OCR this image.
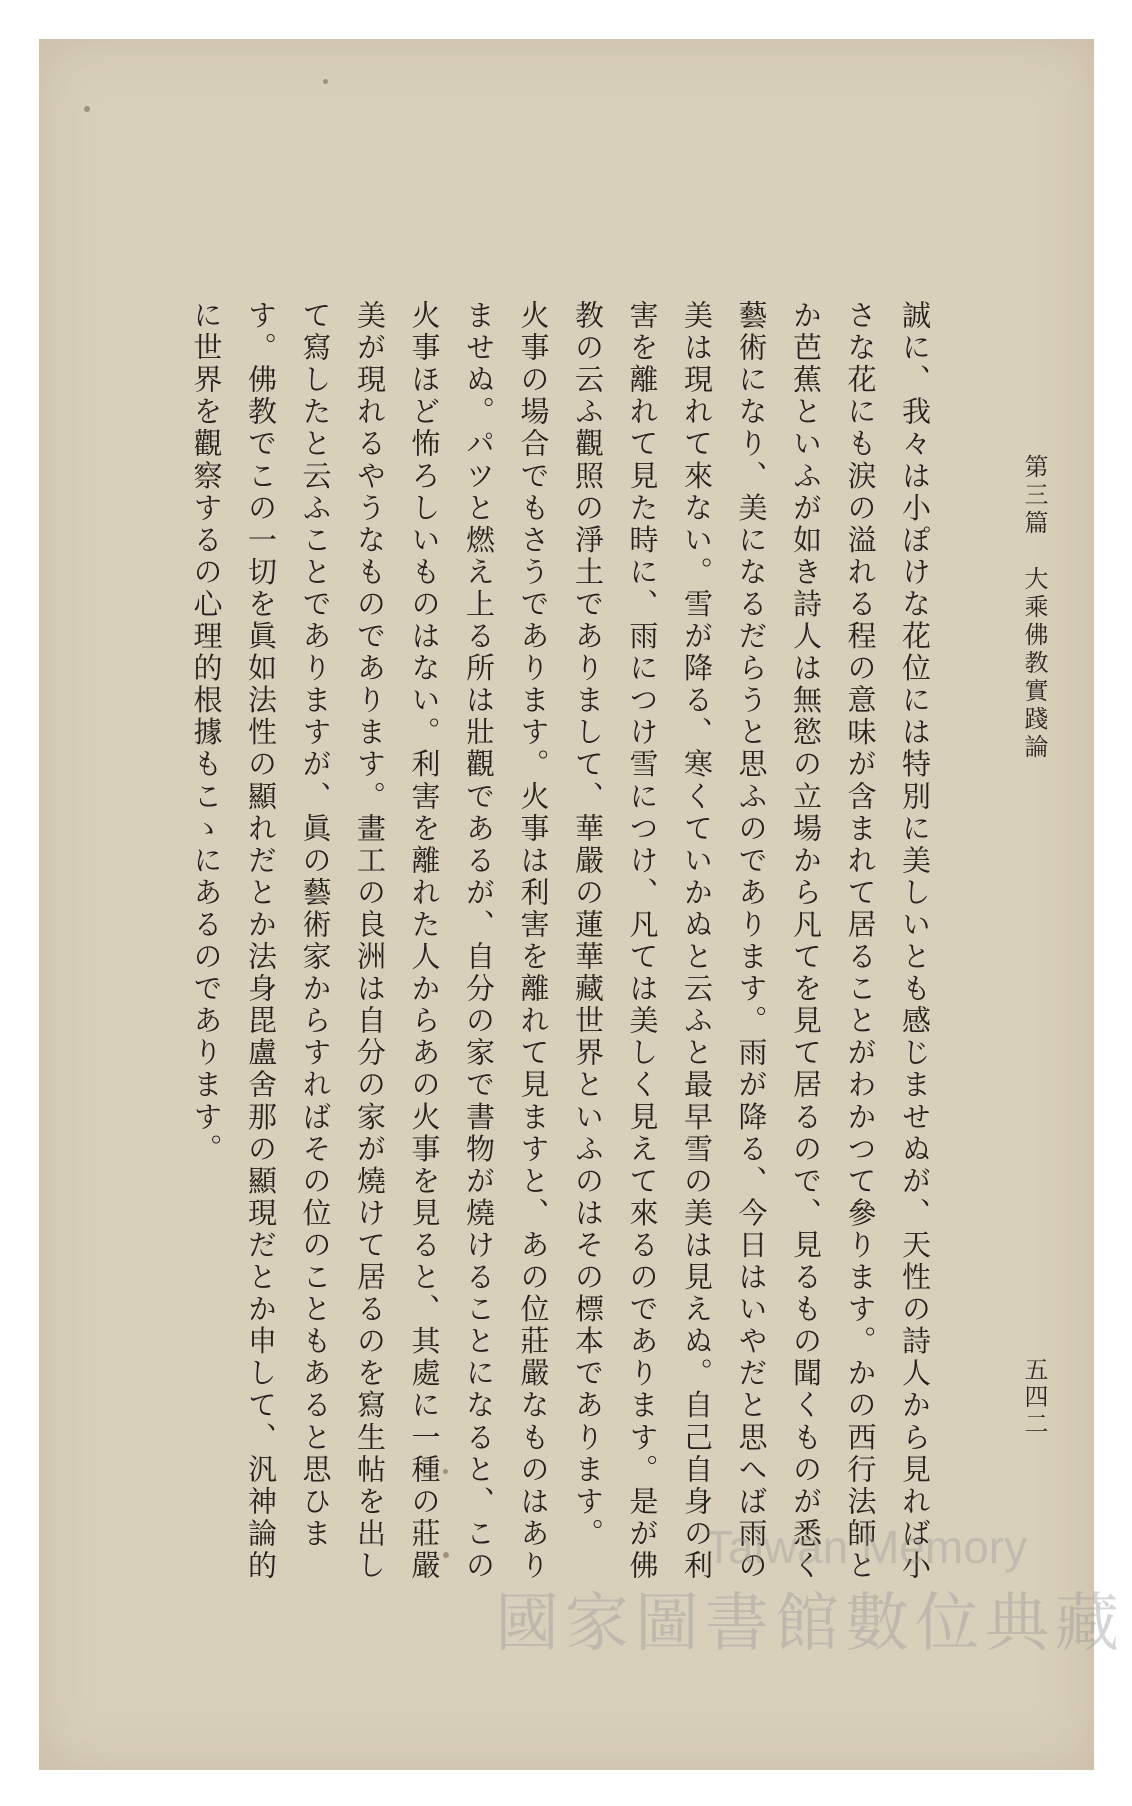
第三篇大乘佛教實踐論
五四二

誠に、我々は小ぽけな花位には特別に美しいとも感じませぬが、天性の詩人から見れば小さな花にも涙の溢れる程の意味が含まれて居ることがわかつて參ります。かの西行法師とか芭蕉といふが如き詩人は無慾の立場から凡てを見て居るので、見るもの聞くものが悉く藝術になり、美になるだらうと思ふのであります。雨が降る、今日はいやだと思へば雨の美は現れて來ない。雪が降る、寒くていかぬと云ふと最早雪の美は見えぬ。自己自身の利害を離れて見た時に、雨につけ雪につけ、凡ては美しく見えて來るのであります。是が佛教の云ふ觀照の淨土でありまして、華嚴の蓮華藏世界といふのはその標本であります。

火事の場合でもさうであります。火事は利害を離れて見ますと、あの位莊嚴なものはありませぬ。パツと燃え上る所は壯觀であるが、自分の家で書物が燒けることになると、この火事ほど怖ろしいものはない。利害を離れた人からあの火事を見ると、其處に一種の莊嚴美が現れるやうなものであります。畫工の良洲は自分の家が燒けて居るのを寫生帖を出して寫したと云ふことでありますが、眞の藝術家からすればその位のこともあると思ひます。佛教でこの一切を眞如法性の顯れだとか法身毘盧舍那の顯現だとか申して、汎神論的に世界を觀察するの心理的根據もこゝにあるのであります。

Taiwan Memory
國家圖書館數位典藏
